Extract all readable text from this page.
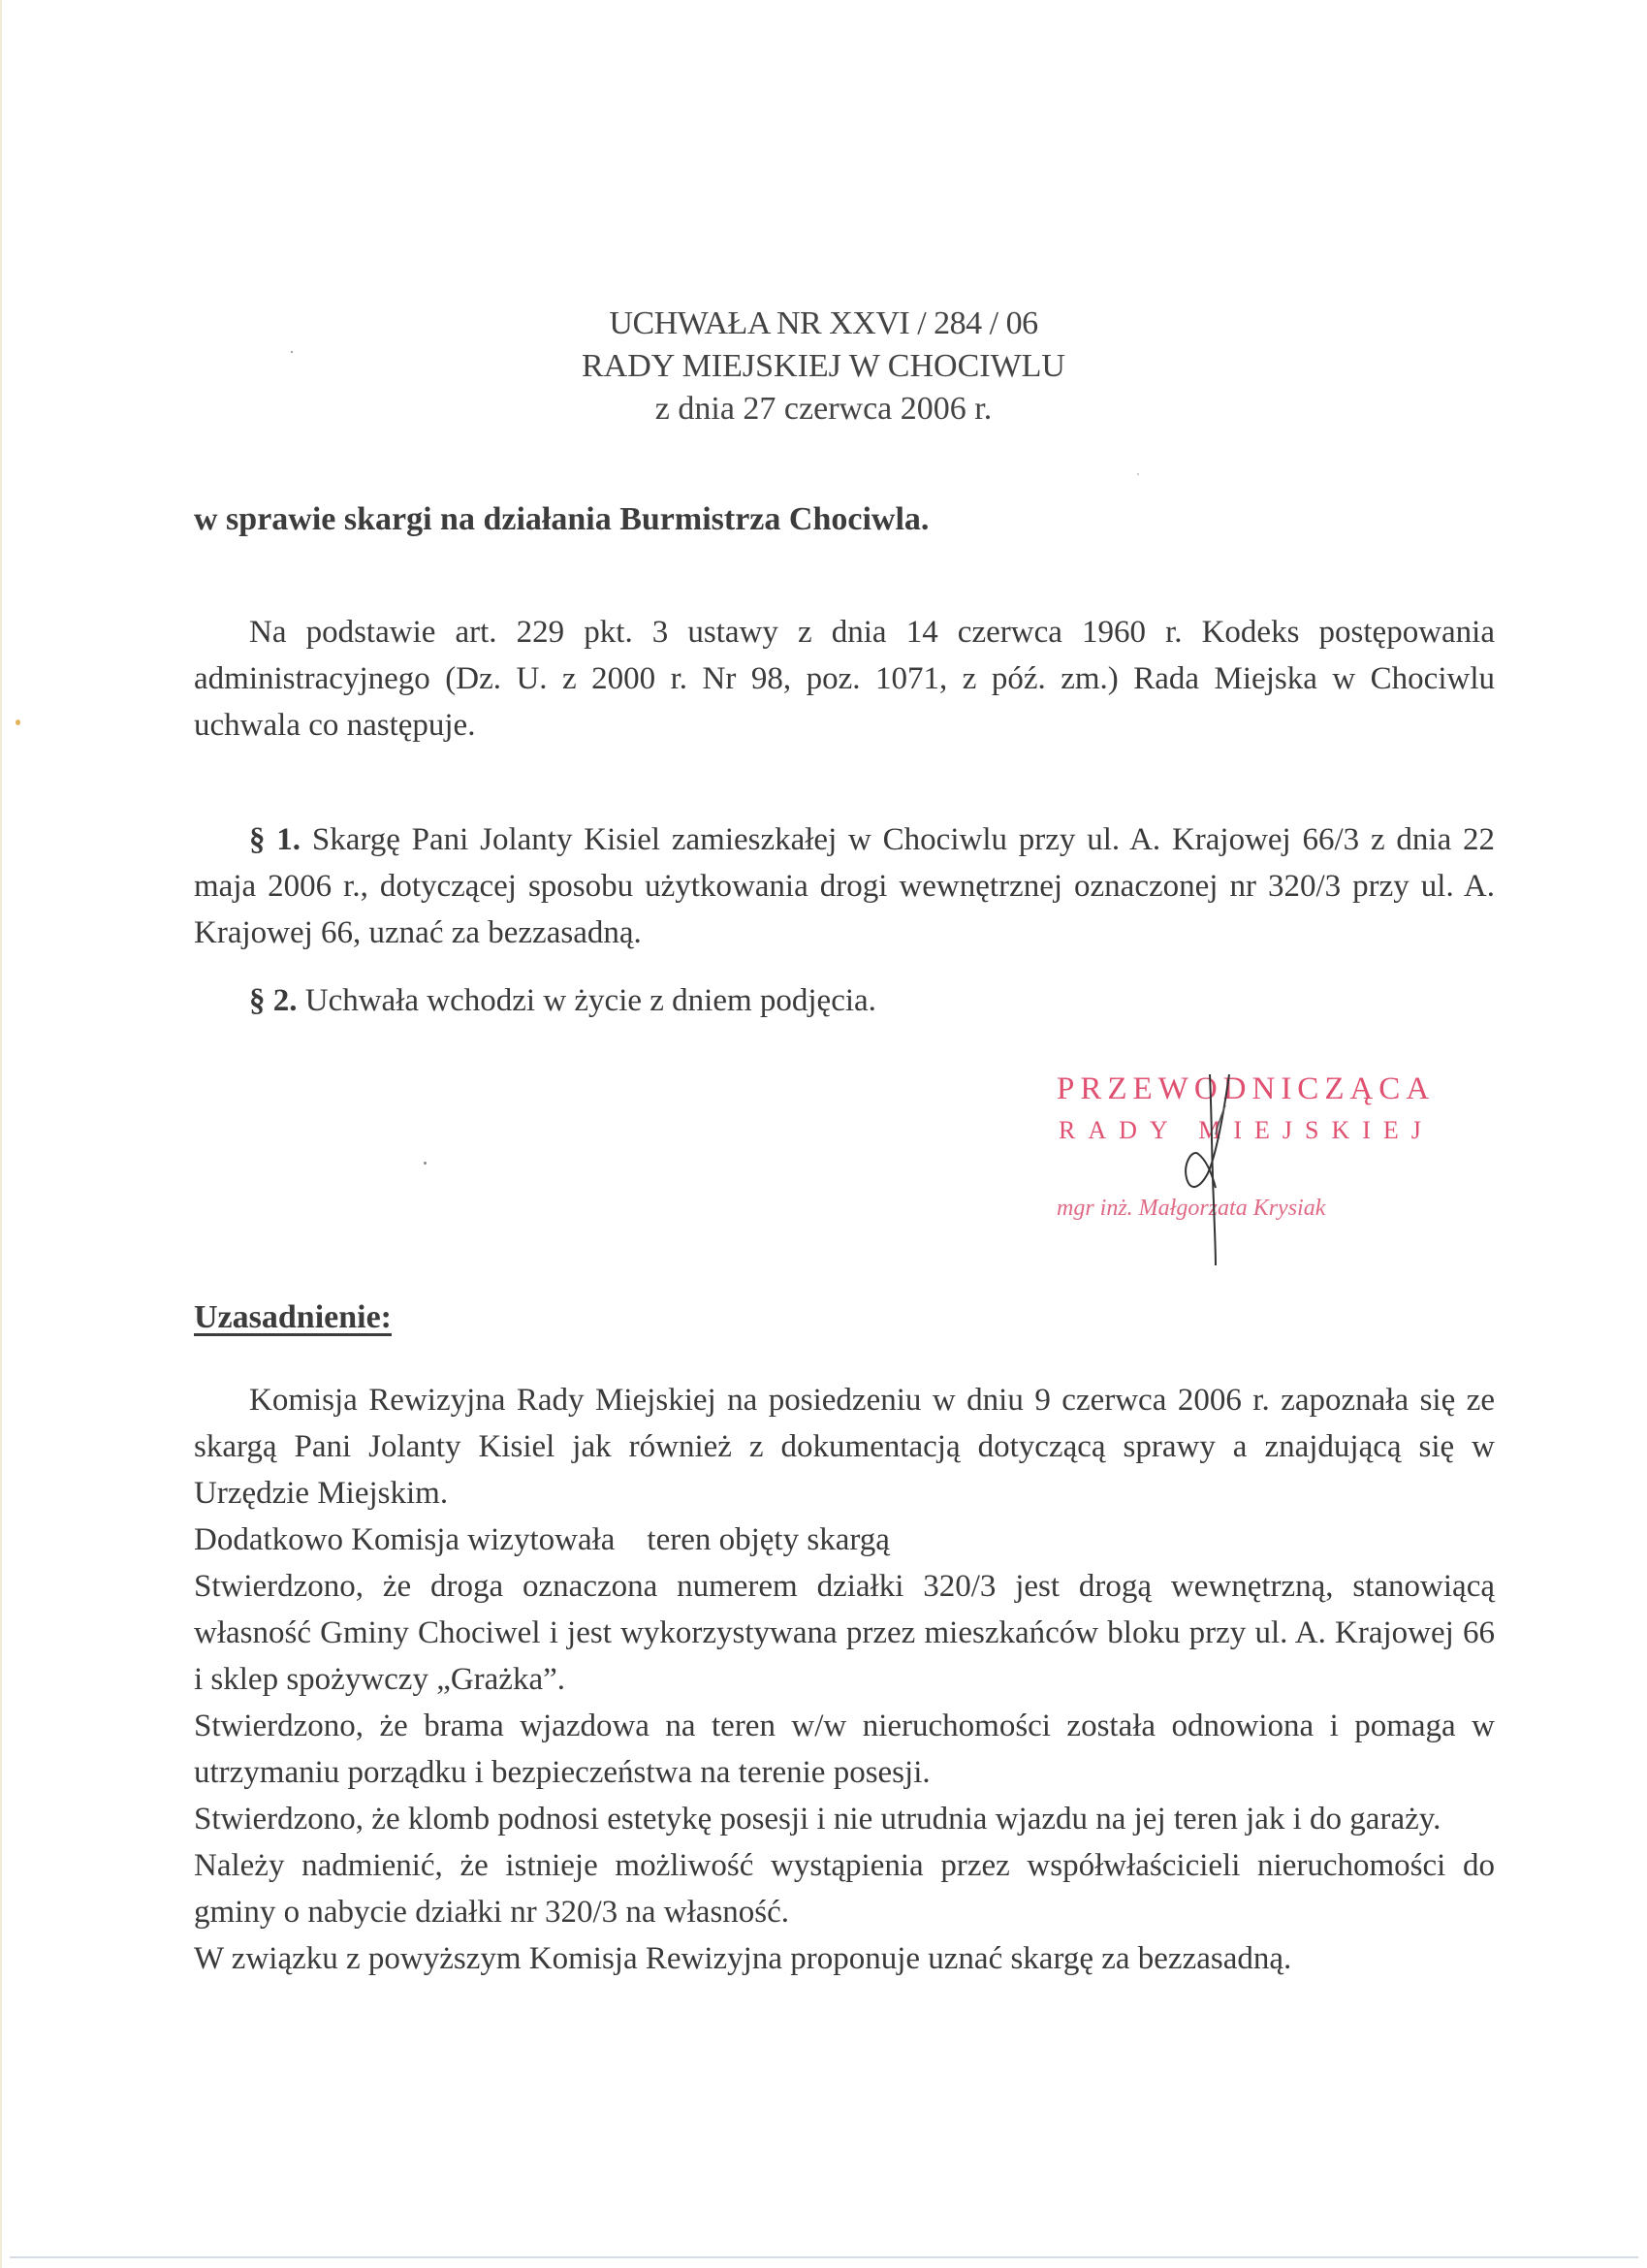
UCHWAŁA NR XXVI / 284 / 06
RADY MIEJSKIEJ W CHOCIWLU
z dnia 27 czerwca 2006 r.
w sprawie skargi na działania Burmistrza Chociwla.
Na podstawie art. 229 pkt. 3 ustawy z dnia 14 czerwca 1960 r. Kodeks postępowania administracyjnego (Dz. U. z 2000 r. Nr 98, poz. 1071, z póź. zm.) Rada Miejska w Chociwlu uchwala co następuje.
§ 1. Skargę Pani Jolanty Kisiel zamieszkałej w Chociwlu przy ul. A. Krajowej 66/3 z dnia 22 maja 2006 r., dotyczącej sposobu użytkowania drogi wewnętrznej oznaczonej nr 320/3 przy ul. A. Krajowej 66, uznać za bezzasadną.
§ 2. Uchwała wchodzi w życie z dniem podjęcia.
PRZEWODNICZĄCA
RADY MIEJSKIEJ
mgr inż. Małgorzata Krysiak
Uzasadnienie:

Komisja Rewizyjna Rady Miejskiej na posiedzeniu w dniu 9 czerwca 2006 r. zapoznała się ze skargą Pani Jolanty Kisiel jak również z dokumentacją dotyczącą sprawy a znajdującą się w Urzędzie Miejskim.

Dodatkowo Komisja wizytowała    teren objęty skargą

Stwierdzono, że droga oznaczona numerem działki 320/3 jest drogą wewnętrzną, stanowiącą własność Gminy Chociwel i jest wykorzystywana przez mieszkańców bloku przy ul. A. Krajowej 66 i sklep spożywczy „Grażka”.

Stwierdzono, że brama wjazdowa na teren w/w nieruchomości została odnowiona i pomaga w utrzymaniu porządku i bezpieczeństwa na terenie posesji.

Stwierdzono, że klomb podnosi estetykę posesji i nie utrudnia wjazdu na jej teren jak i do garaży.

Należy nadmienić, że istnieje możliwość wystąpienia przez współwłaścicieli nieruchomości do gminy o nabycie działki nr 320/3 na własność.

W związku z powyższym Komisja Rewizyjna proponuje uznać skargę za bezzasadną.
